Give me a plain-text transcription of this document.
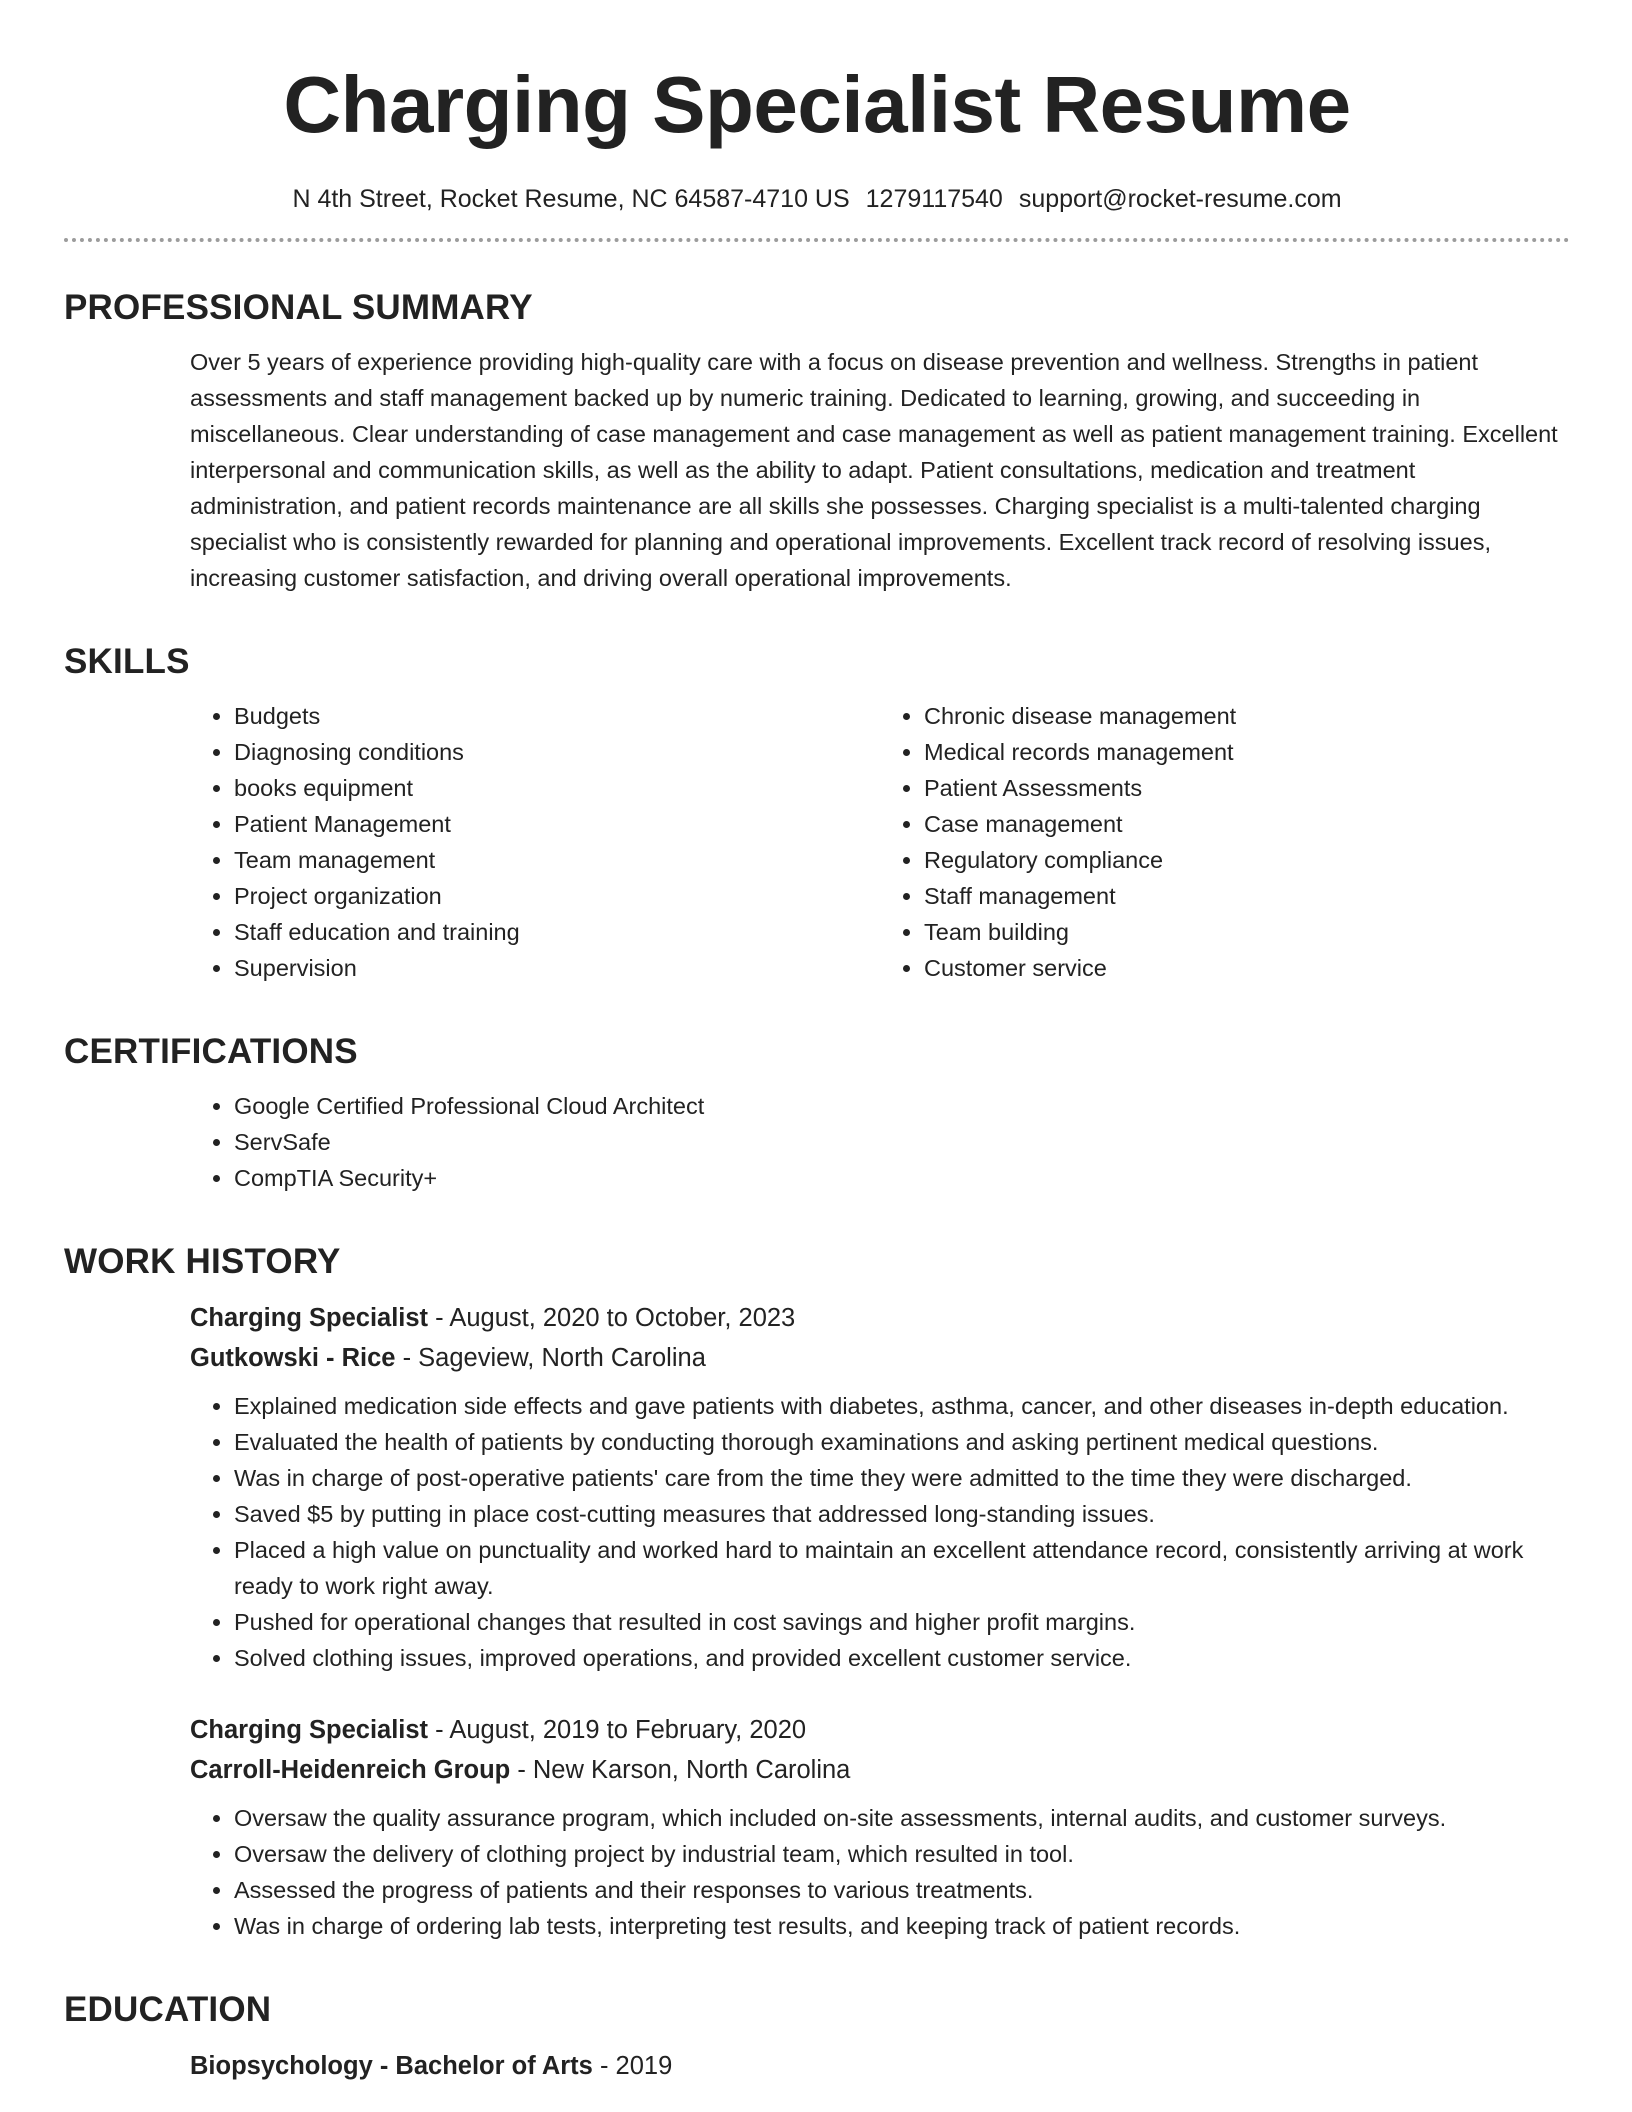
Charging Specialist Resume
N 4th Street, Rocket Resume, NC 64587-4710 US 1279117540 support@rocket-resume.com
PROFESSIONAL SUMMARY

Over 5 years of experience providing high-quality care with a focus on disease prevention and wellness. Strengths in patient assessments and staff management backed up by numeric training. Dedicated to learning, growing, and succeeding in miscellaneous. Clear understanding of case management and case management as well as patient management training. Excellent interpersonal and communication skills, as well as the ability to adapt. Patient consultations, medication and treatment administration, and patient records maintenance are all skills she possesses. Charging specialist is a multi-talented charging specialist who is consistently rewarded for planning and operational improvements. Excellent track record of resolving issues, increasing customer satisfaction, and driving overall operational improvements.

SKILLS
• Budgets
• Diagnosing conditions
• books equipment
• Patient Management
• Team management
• Project organization
• Staff education and training
• Supervision
• Chronic disease management
• Medical records management
• Patient Assessments
• Case management
• Regulatory compliance
• Staff management
• Team building
• Customer service
CERTIFICATIONS
• Google Certified Professional Cloud Architect
• ServSafe
• CompTIA Security+
WORK HISTORY
Charging Specialist - August, 2020 to October, 2023
Gutkowski - Rice - Sageview, North Carolina
• Explained medication side effects and gave patients with diabetes, asthma, cancer, and other diseases in-depth education.
• Evaluated the health of patients by conducting thorough examinations and asking pertinent medical questions.
• Was in charge of post-operative patients' care from the time they were admitted to the time they were discharged.
• Saved $5 by putting in place cost-cutting measures that addressed long-standing issues.
• Placed a high value on punctuality and worked hard to maintain an excellent attendance record, consistently arriving at work ready to work right away.
• Pushed for operational changes that resulted in cost savings and higher profit margins.
• Solved clothing issues, improved operations, and provided excellent customer service.
Charging Specialist - August, 2019 to February, 2020
Carroll-Heidenreich Group - New Karson, North Carolina
• Oversaw the quality assurance program, which included on-site assessments, internal audits, and customer surveys.
• Oversaw the delivery of clothing project by industrial team, which resulted in tool.
• Assessed the progress of patients and their responses to various treatments.
• Was in charge of ordering lab tests, interpreting test results, and keeping track of patient records.
EDUCATION
Biopsychology - Bachelor of Arts - 2019
